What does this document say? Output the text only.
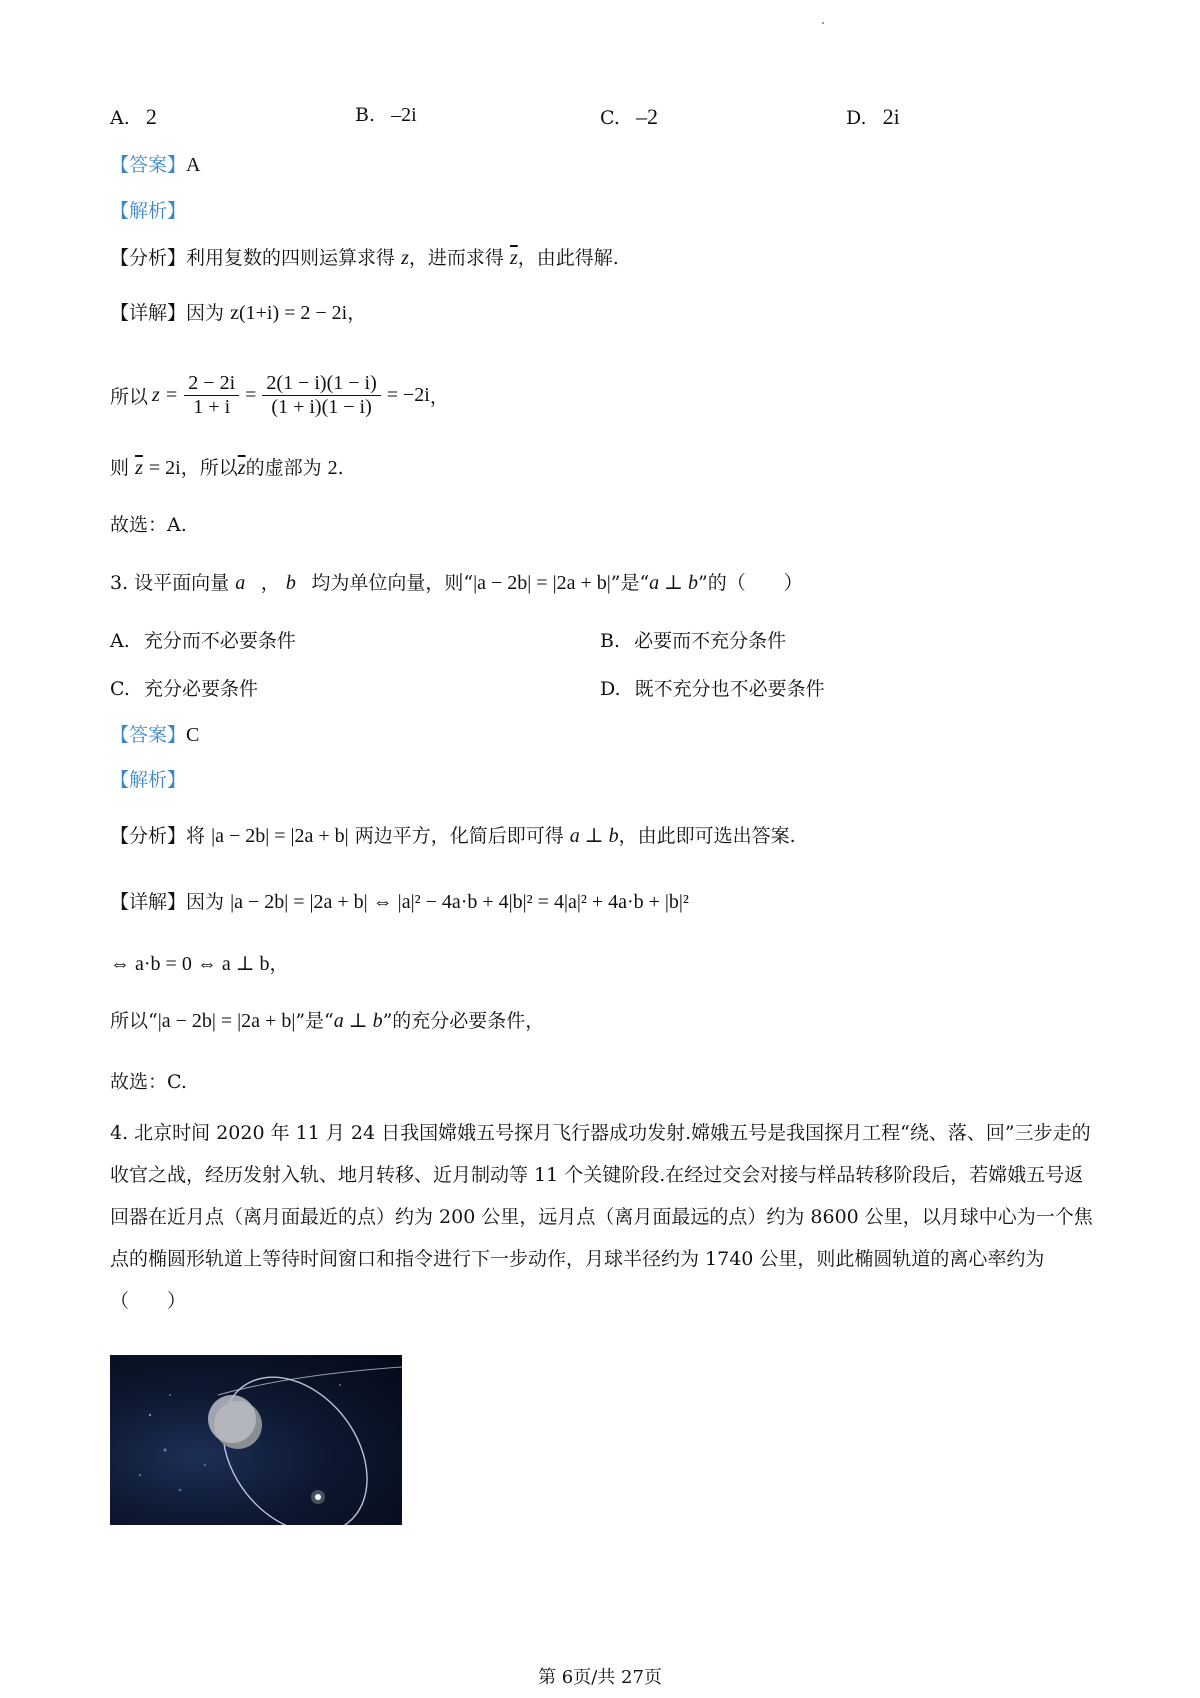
A. 2	B. –2i	C. –2	D. 2i
【答案】A
【解析】
【分析】利用复数的四则运算求得 z，进而求得 $\overline{z}$，由此得解.
【详解】因为 z(1+i) = 2 − 2i，
所以 $z = \frac{2 - 2i}{1 + i} = \frac{2(1 - i)(1 - i)}{(1 + i)(1 - i)} = -2i$ ，
则 $\overline{z} = 2i$，所以$\overline{z}$的虚部为 2.
故选：A.
3. 设平面向量 a⃗， b⃗均为单位向量，则“|a − 2b| = |2a + b|”是“a ⊥ b”的（　　）
A. 充分而不必要条件	B. 必要而不充分条件
C. 充分必要条件	D. 既不充分也不必要条件
【答案】C
【解析】
【分析】将 |a − 2b| = |2a + b| 两边平方，化简后即可得 a ⊥ b，由此即可选出答案.
【详解】因为 |a − 2b| = |2a + b| ⇔ |a|² − 4a·b + 4|b|² = 4|a|² + 4a·b + |b|²
⇔ a·b = 0 ⇔ a ⊥ b，
所以“|a − 2b| = |2a + b|”是“a ⊥ b”的充分必要条件，
故选：C.
4. 北京时间 2020 年 11 月 24 日我国嫦娥五号探月飞行器成功发射.嫦娥五号是我国探月工程“绕、落、回”三步走的收官之战，经历发射入轨、地月转移、近月制动等 11 个关键阶段.在经过交会对接与样品转移阶段后，若嫦娥五号返回器在近月点（离月面最近的点）约为 200 公里，远月点（离月面最远的点）约为 8600 公里，以月球中心为一个焦点的椭圆形轨道上等待时间窗口和指令进行下一步动作，月球半径约为 1740 公里，则此椭圆轨道的离心率约为（　　）
第 6页/共 27页
